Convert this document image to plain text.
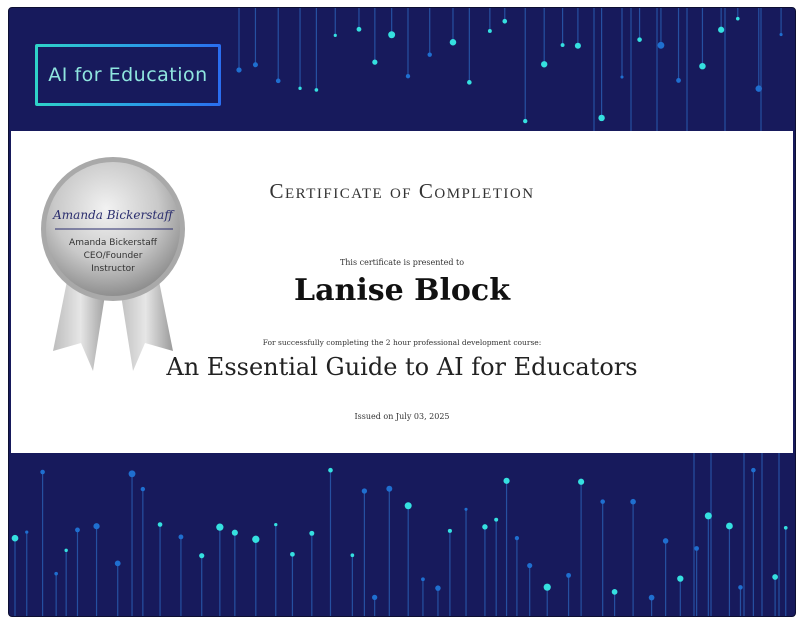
AI for Education
Amanda Bickerstaff
Amanda Bickerstaff
CEO/Founder
Instructor
Certificate of Completion
This certificate is presented to
Lanise Block
For successfully completing the 2 hour professional development course:
An Essential Guide to AI for Educators
Issued on July 03, 2025
